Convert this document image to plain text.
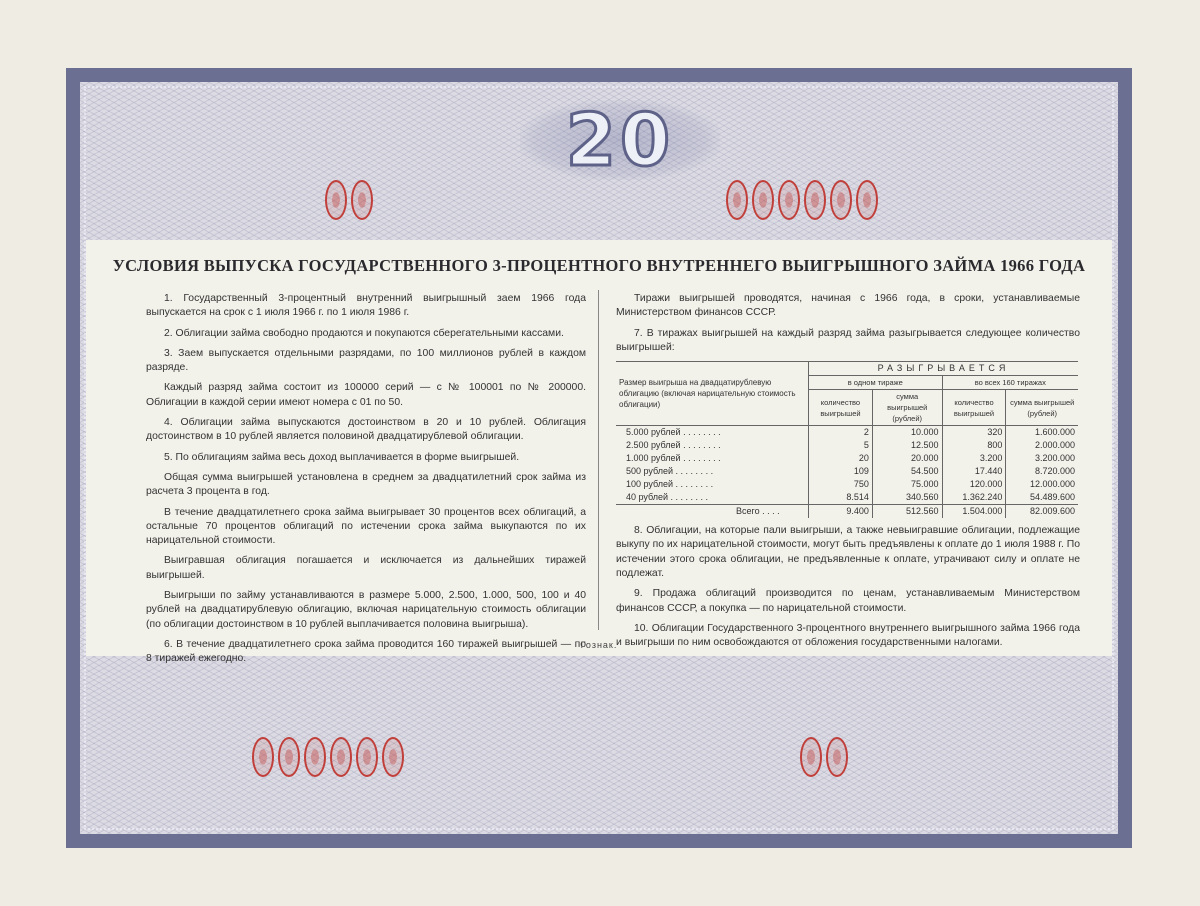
20
УСЛОВИЯ ВЫПУСКА ГОСУДАРСТВЕННОГО 3-ПРОЦЕНТНОГО ВНУТРЕННЕГО ВЫИГРЫШНОГО ЗАЙМА 1966 ГОДА

1. Государственный 3-процентный внутренний выигрышный заем 1966 года выпускается на срок с 1 июля 1966 г. по 1 июля 1986 г.

2. Облигации займа свободно продаются и покупаются сберегательными кассами.

3. Заем выпускается отдельными разрядами, по 100 миллионов рублей в каждом разряде.

Каждый разряд займа состоит из 100000 серий — с № 100001 по № 200000. Облигации в каждой серии имеют номера с 01 по 50.

4. Облигации займа выпускаются достоинством в 20 и 10 рублей. Облигация достоинством в 10 рублей является половиной двадцатирублевой облигации.

5. По облигациям займа весь доход выплачивается в форме выигрышей.

Общая сумма выигрышей установлена в среднем за двадцатилетний срок займа из расчета 3 процента в год.

В течение двадцатилетнего срока займа выигрывает 30 процентов всех облигаций, а остальные 70 процентов облигаций по истечении срока займа выкупаются по их нарицательной стоимости.

Выигравшая облигация погашается и исключается из дальнейших тиражей выигрышей.

Выигрыши по займу устанавливаются в размере 5.000, 2.500, 1.000, 500, 100 и 40 рублей на двадцатирублевую облигацию, включая нарицательную стоимость облигации (по облигации достоинством в 10 рублей выплачивается половина выигрыша).

6. В течение двадцатилетнего срока займа проводится 160 тиражей выигрышей — по 8 тиражей ежегодно.

Тиражи выигрышей проводятся, начиная с 1966 года, в сроки, устанавливаемые Министерством финансов СССР.

7. В тиражах выигрышей на каждый разряд займа разыгрывается следующее количество выигрышей:

Размер выигрыша на двадцатирублевую облигацию (включая нарицательную стоимость облигации)	РАЗЫГРЫВАЕТСЯ			
	в одном тираже		во всех 160 тиражах	
	количество выигрышей	сумма выигрышей (рублей)	количество выигрышей	сумма выигрышей (рублей)
5.000 рублей . . . . . . . .	2	10.000	320	1.600.000
2.500 рублей . . . . . . . .	5	12.500	800	2.000.000
1.000 рублей . . . . . . . .	20	20.000	3.200	3.200.000
500 рублей . . . . . . . .	109	54.500	17.440	8.720.000
100 рублей . . . . . . . .	750	75.000	120.000	12.000.000
40 рублей . . . . . . . .	8.514	340.560	1.362.240	54.489.600
Всего . . . .	9.400	512.560	1.504.000	82.009.600

8. Облигации, на которые пали выигрыши, а также невыигравшие облигации, подлежащие выкупу по их нарицательной стоимости, могут быть предъявлены к оплате до 1 июля 1988 г. По истечении этого срока облигации, не предъявленные к оплате, утрачивают силу и оплате не подлежат.

9. Продажа облигаций производится по ценам, устанавливаемым Министерством финансов СССР, а покупка — по нарицательной стоимости.

10. Облигации Государственного 3-процентного внутреннего выигрышного займа 1966 года и выигрыши по ним освобождаются от обложения государственными налогами.

Гознак.
